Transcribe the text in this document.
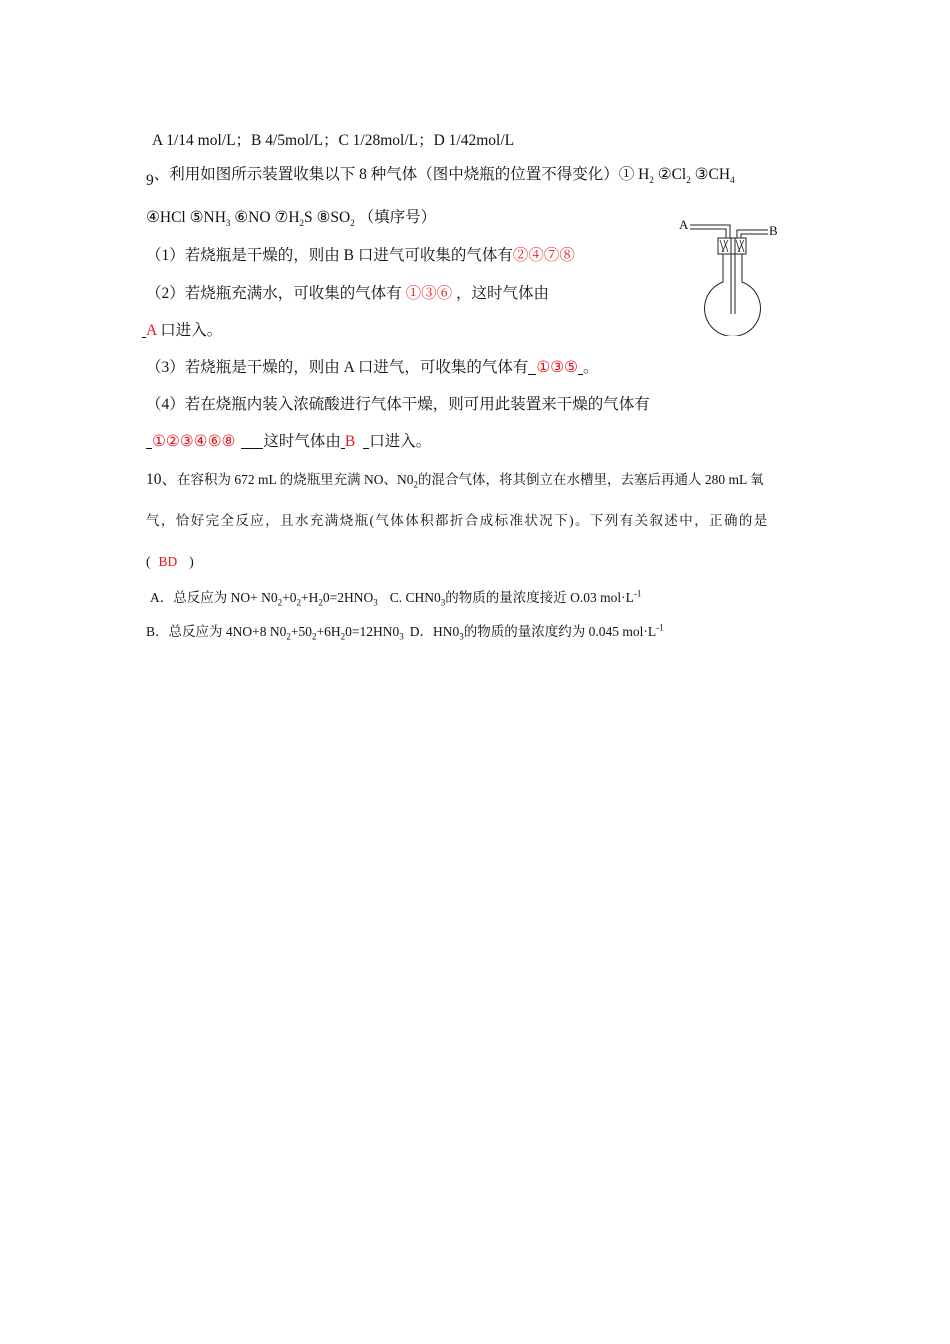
A 1/14 mol/L；B 4/5mol/L；C 1/28mol/L；D 1/42mol/L
9、利用如图所示装置收集以下 8 种气体（图中烧瓶的位置不得变化）① $H_2$ $②Cl_2$ $③CH_4$
④HCl $⑤NH_3$ ⑥NO $⑦H_2S$ $⑧SO_2$ （填序号）	A	B
（1）若烧瓶是干燥的，则由 B 口进气可收集的气体有②④⑦⑧
（2）若烧瓶充满水，可收集的气体有 ①③⑥ ，这时气体由
A 口进入。
（3）若烧瓶是干燥的，则由 A 口进气，可收集的气体有 ①③⑤ 。
（4）若在烧瓶内装入浓硫酸进行气体干燥，则可用此装置来干燥的气体有
①②③④⑥⑧ 这时气体由 B 口进入。
10、在容积为 672 mL 的烧瓶里充满 NO、$N0_2$的混合气体，将其倒立在水槽里，去塞后再通人 280 mL 氧
气，恰好完全反应，且水充满烧瓶(气体体积都折合成标准状况下)。下列有关叙述中，正确的是
( BD )
A．总反应为 $NO+ N0_2+0_2+H_20=2HNO_3$ C. $CHN0_3$的物质的量浓度接近 O.03 $mol\cdot L^{-1}$
B．总反应为 4NO+8 $N0_2+50_2+6H_20=12HN0_3$ D．$HN0_3$的物质的量浓度约为 0.045 $mol\cdot L^{-1}$
